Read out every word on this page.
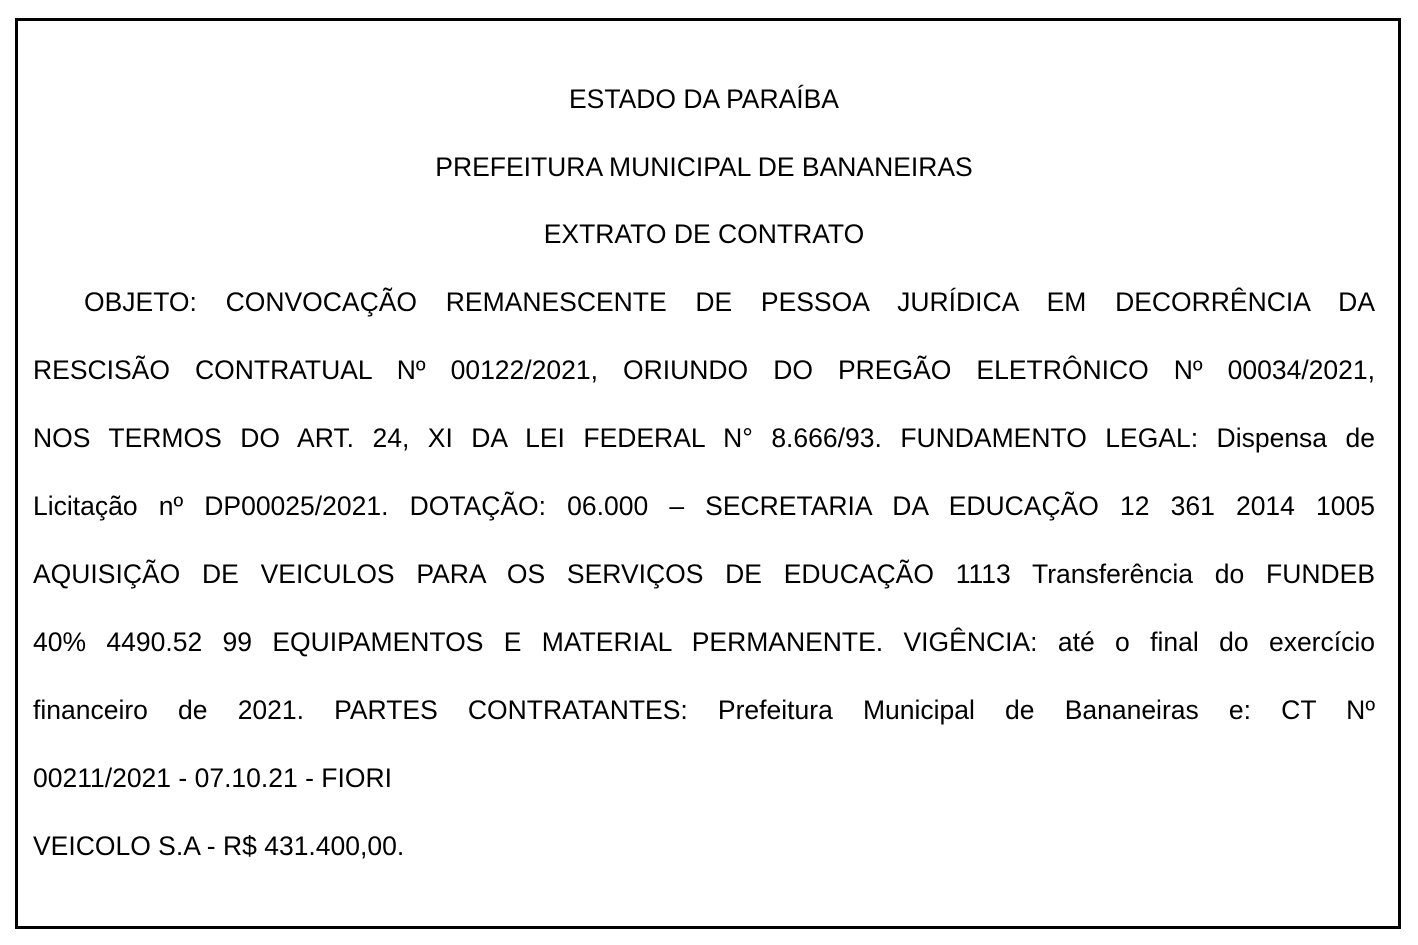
ESTADO DA PARAÍBA
PREFEITURA MUNICIPAL DE BANANEIRAS
EXTRATO DE CONTRATO
OBJETO: CONVOCAÇÃO REMANESCENTE DE PESSOA JURÍDICA EM DECORRÊNCIA DA
RESCISÃO CONTRATUAL Nº 00122/2021, ORIUNDO DO PREGÃO ELETRÔNICO Nº 00034/2021,
NOS TERMOS DO ART. 24, XI DA LEI FEDERAL N° 8.666/93. FUNDAMENTO LEGAL: Dispensa de
Licitação nº DP00025/2021. DOTAÇÃO: 06.000 – SECRETARIA DA EDUCAÇÃO 12 361 2014 1005
AQUISIÇÃO DE VEICULOS PARA OS SERVIÇOS DE EDUCAÇÃO 1113 Transferência do FUNDEB
40% 4490.52 99 EQUIPAMENTOS E MATERIAL PERMANENTE. VIGÊNCIA: até o final do exercício
financeiro de 2021. PARTES CONTRATANTES: Prefeitura Municipal de Bananeiras e: CT Nº
00211/2021 - 07.10.21 - FIORI
VEICOLO S.A - R$ 431.400,00.
